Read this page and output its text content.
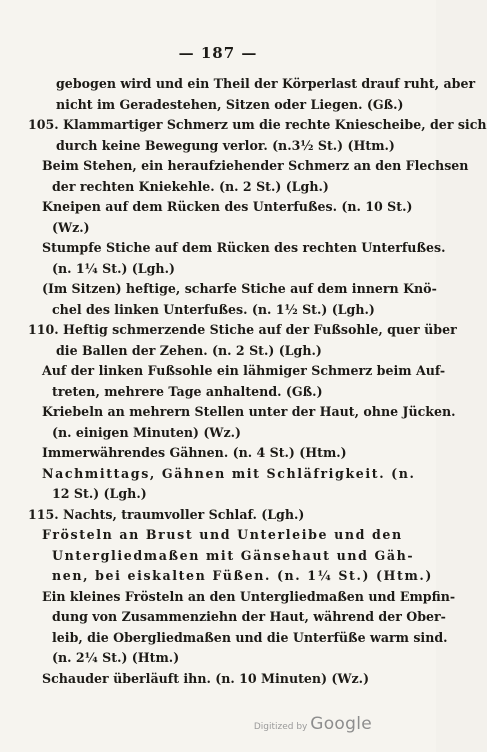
— 187 —
gebogen wird und ein Theil der Körperlast drauf ruht, aber
nicht im Geradestehen, Sitzen oder Liegen. (Gß.)
105. Klammartiger Schmerz um die rechte Kniescheibe, der sich
durch keine Bewegung verlor. (n.3½ St.) (Htm.)
Beim Stehen, ein heraufziehender Schmerz an den Flechsen
der rechten Kniekehle. (n. 2 St.) (Lgh.)
Kneipen auf dem Rücken des Unterfußes. (n. 10 St.)
(Wz.)
Stumpfe Stiche auf dem Rücken des rechten Unterfußes.
(n. 1¼ St.) (Lgh.)
(Im Sitzen) heftige, scharfe Stiche auf dem innern Knö-
chel des linken Unterfußes. (n. 1½ St.) (Lgh.)
110. Heftig schmerzende Stiche auf der Fußsohle, quer über
die Ballen der Zehen. (n. 2 St.) (Lgh.)
Auf der linken Fußsohle ein lähmiger Schmerz beim Auf-
treten, mehrere Tage anhaltend. (Gß.)
Kriebeln an mehrern Stellen unter der Haut, ohne Jücken.
(n. einigen Minuten) (Wz.)
Immerwährendes Gähnen. (n. 4 St.) (Htm.)
Nachmittags, Gähnen mit Schläfrigkeit. (n.
12 St.) (Lgh.)
115. Nachts, traumvoller Schlaf. (Lgh.)
Frösteln an Brust und Unterleibe und den
Untergliedmaßen mit Gänsehaut und Gäh-
nen, bei eiskalten Füßen. (n. 1¼ St.) (Htm.)
Ein kleines Frösteln an den Untergliedmaßen und Empfin-
dung von Zusammenziehn der Haut, während der Ober-
leib, die Obergliedmaßen und die Unterfüße warm sind.
(n. 2¼ St.) (Htm.)
Schauder überläuft ihn. (n. 10 Minuten) (Wz.)
Digitized by Google
